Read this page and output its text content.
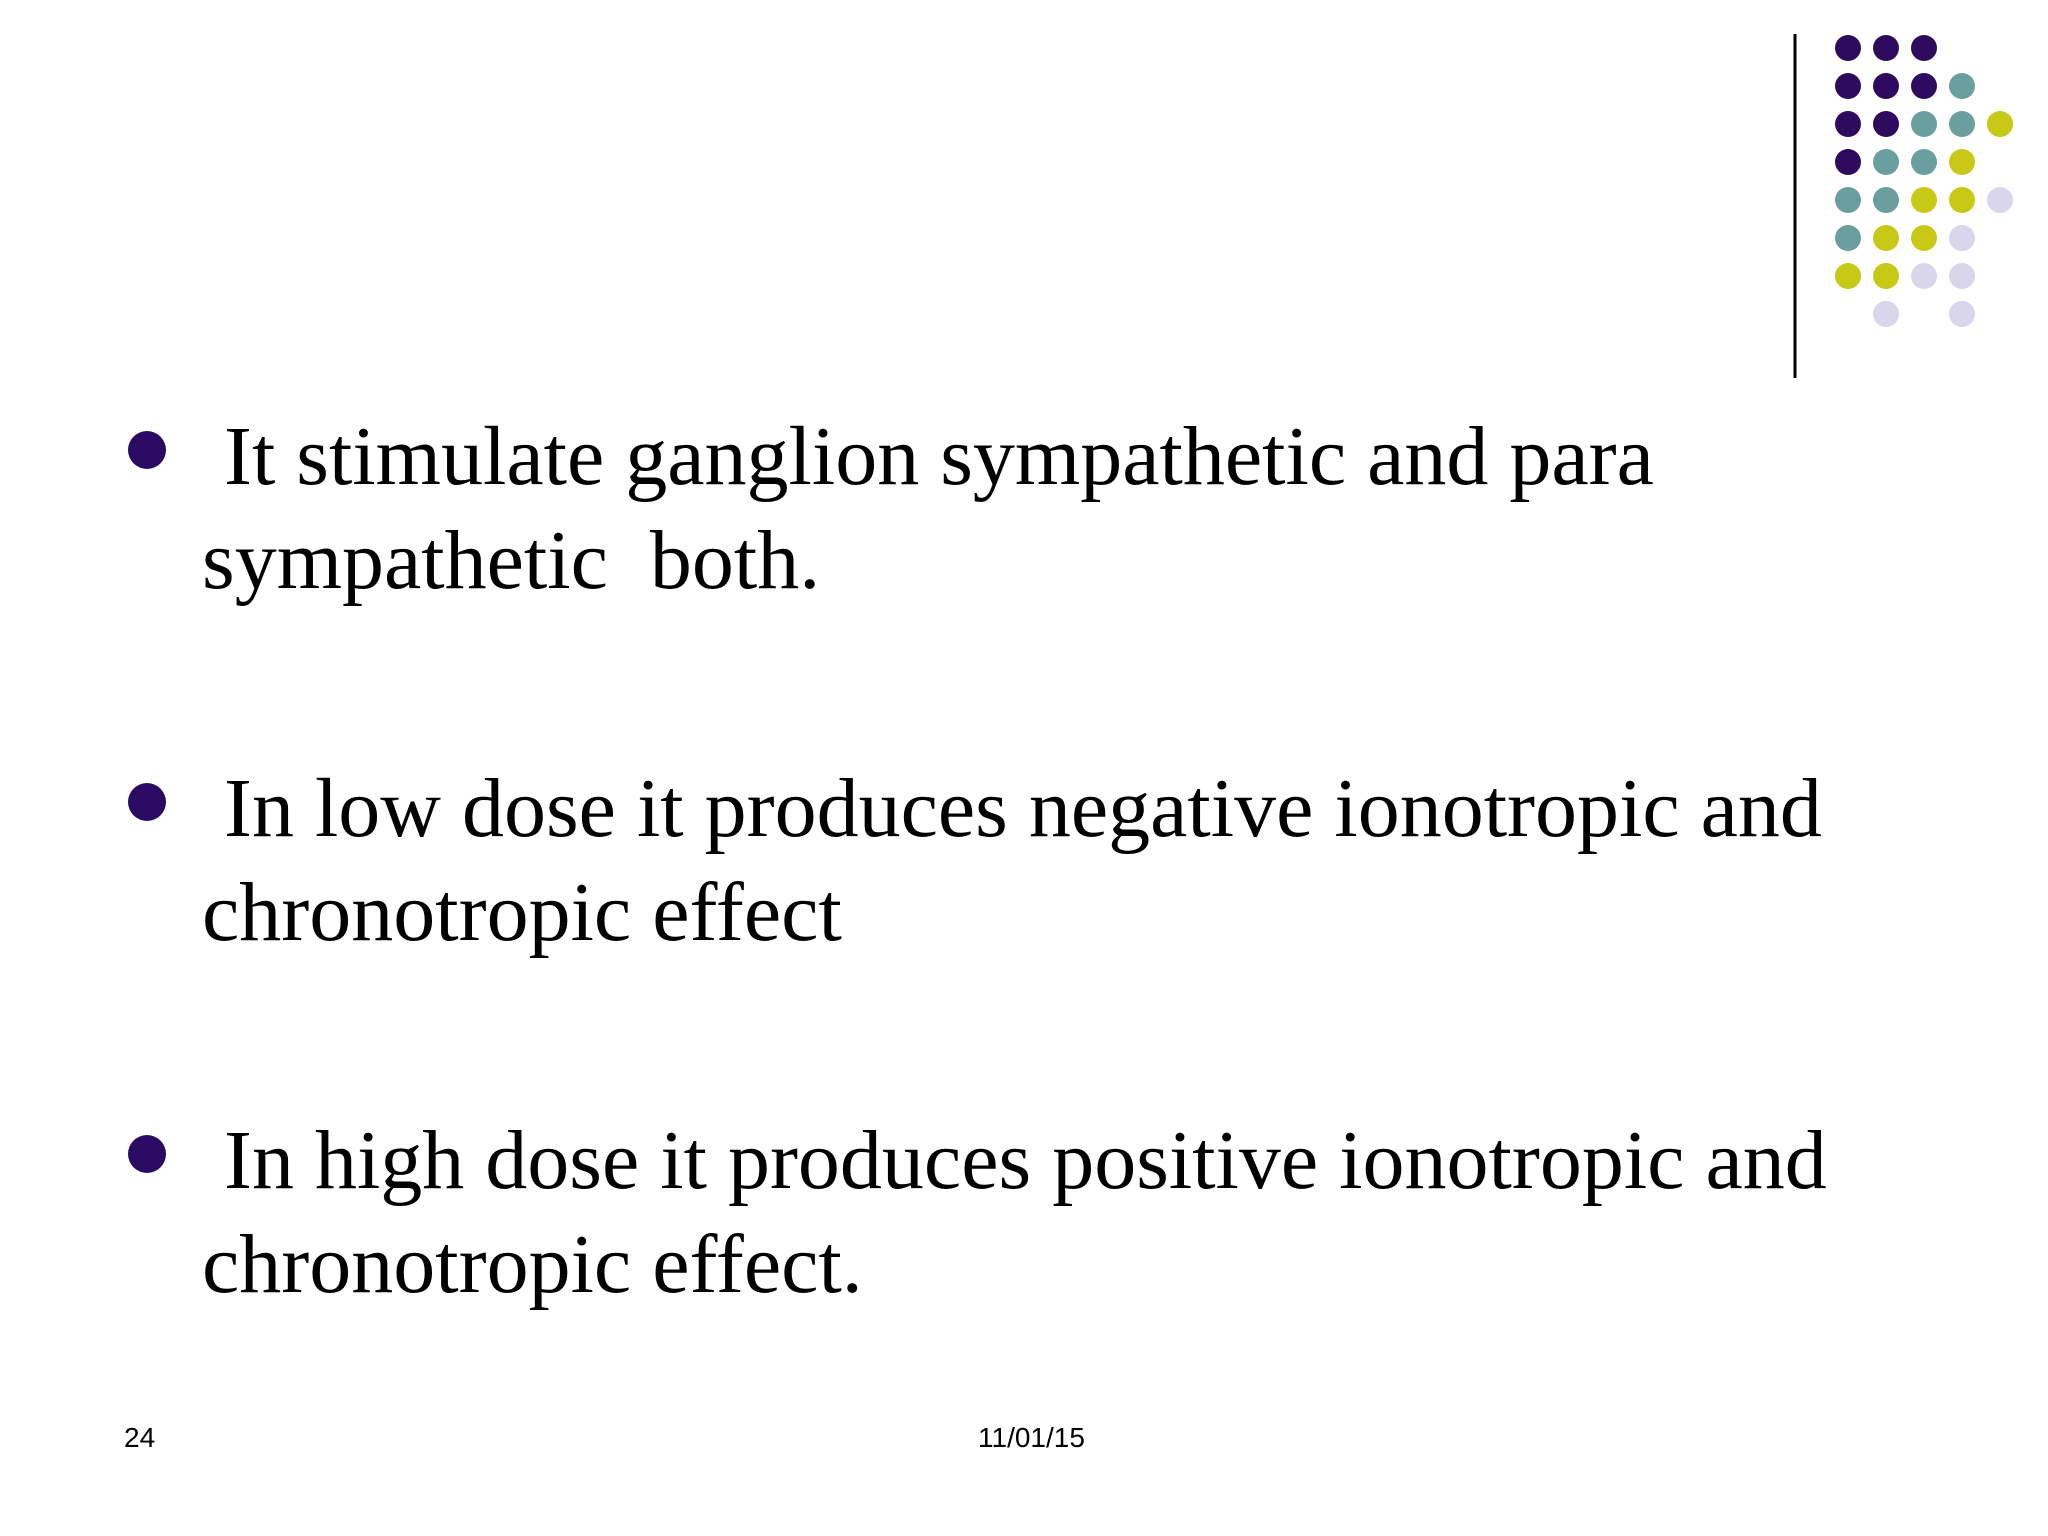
It stimulate ganglion sympathetic and para sympathetic  both.
In low dose it produces negative ionotropic and chronotropic effect
In high dose it produces positive ionotropic and chronotropic effect.
24	11/01/15
